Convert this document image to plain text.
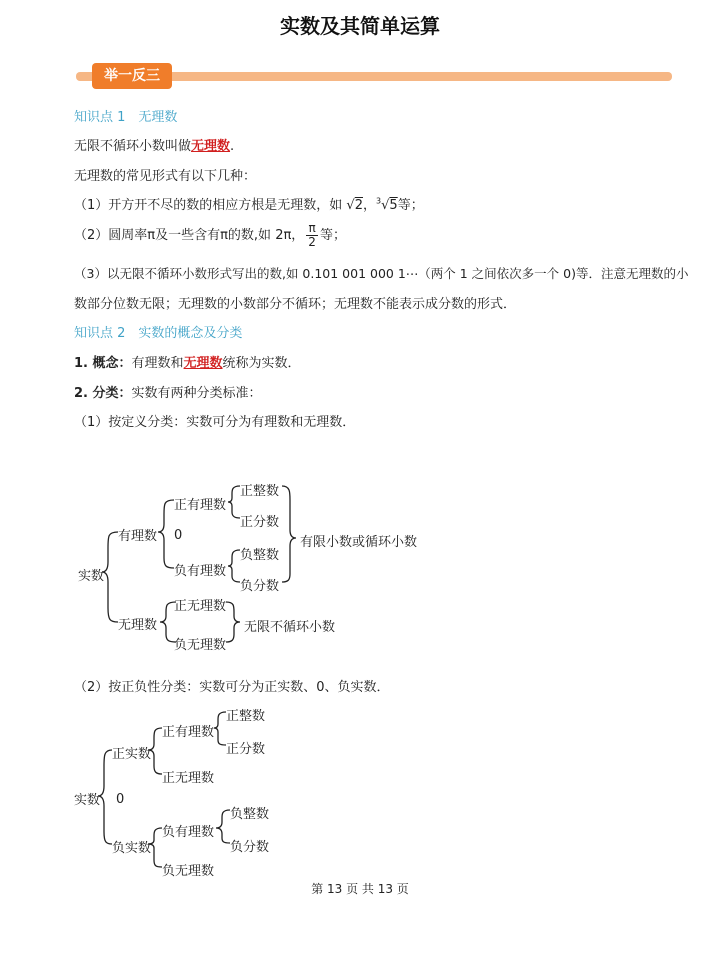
实数及其简单运算
举一反三
知识点 1　无理数
无限不循环小数叫做无理数.
无理数的常见形式有以下几种：
（1）开方开不尽的数的相应方根是无理数，如 √2，$^3$√5等；
（2）圆周率π及一些含有π的数,如 2π， $\frac{\pi}{2}$ 等；
（3）以无限不循环小数形式写出的数,如 0.101 001 000 1⋯（两个 1 之间依次多一个 0)等．注意无理数的小
数部分位数无限；无理数的小数部分不循环；无理数不能表示成分数的形式．
知识点 2　实数的概念及分类
1. 概念：有理数和无理数统称为实数．
2. 分类：实数有两种分类标准：
（1）按定义分类：实数可分为有理数和无理数．
实数
有理数
无理数
正有理数
0
负有理数
正整数
正分数
负整数
负分数
有限小数或循环小数
正无理数
负无理数
无限不循环小数
（2）按正负性分类：实数可分为正实数、0、负实数．
实数
正实数
0
负实数
正有理数
正无理数
正整数
正分数
负有理数
负无理数
负整数
负分数
第 13 页 共 13 页
